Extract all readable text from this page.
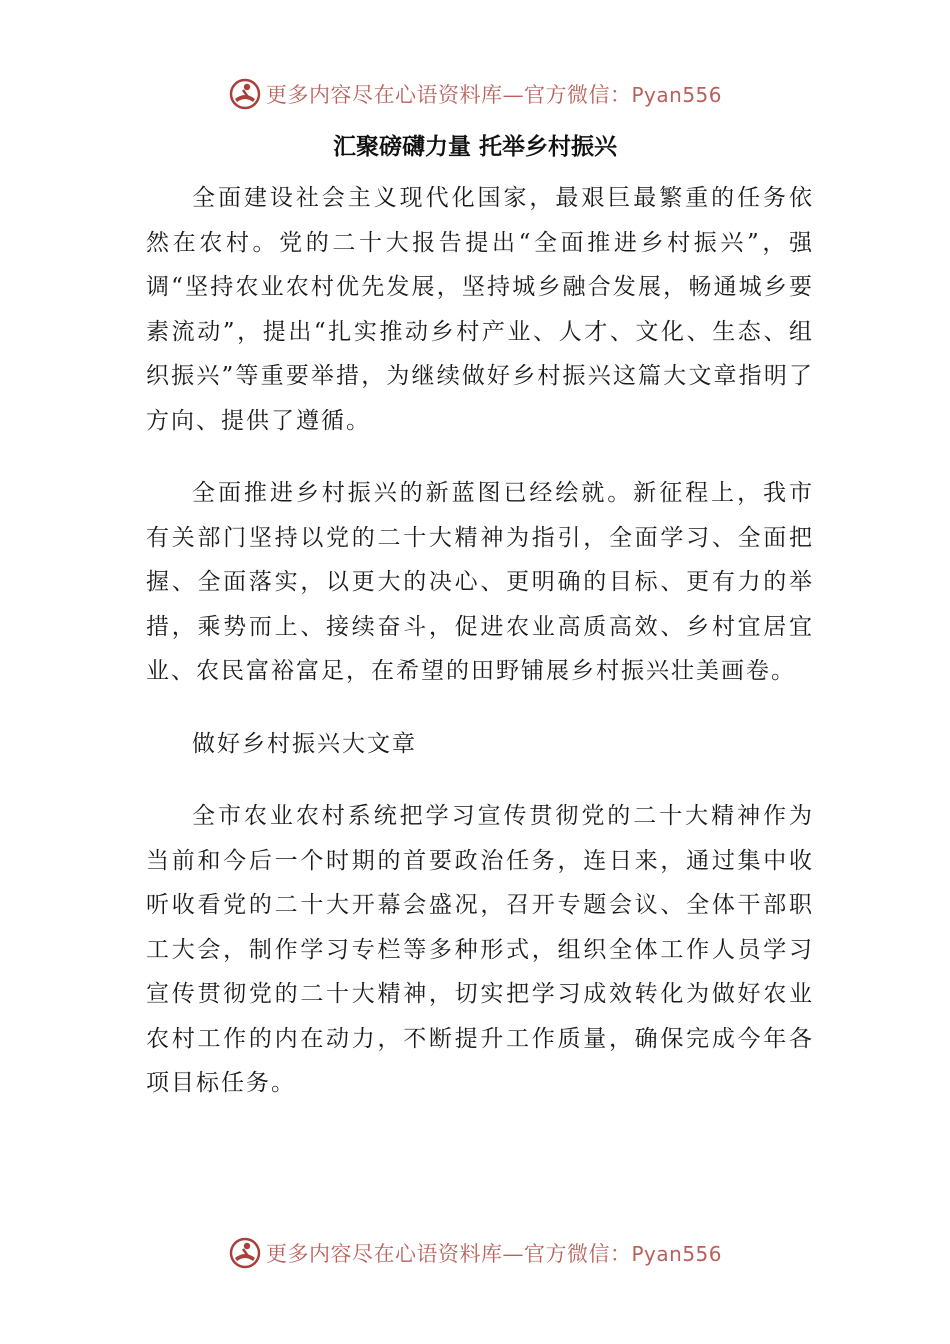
更多内容尽在心语资料库—官方微信：Pyan556
汇聚磅礴力量 托举乡村振兴

全面建设社会主义现代化国家，最艰巨最繁重的任务依然在农村。党的二十大报告提出“全面推进乡村振兴”，强调“坚持农业农村优先发展，坚持城乡融合发展，畅通城乡要素流动”，提出“扎实推动乡村产业、人才、文化、生态、组织振兴”等重要举措，为继续做好乡村振兴这篇大文章指明了方向、提供了遵循。

全面推进乡村振兴的新蓝图已经绘就。新征程上，我市有关部门坚持以党的二十大精神为指引，全面学习、全面把握、全面落实，以更大的决心、更明确的目标、更有力的举措，乘势而上、接续奋斗，促进农业高质高效、乡村宜居宜 业、农民富裕富足，在希望的田野铺展乡村振兴壮美画卷。

做好乡村振兴大文章

全市农业农村系统把学习宣传贯彻党的二十大精神作为当前和今后一个时期的首要政治任务，连日来，通过集中收听收看党的二十大开幕会盛况，召开专题会议、全体干部职工大会，制作学习专栏等多种形式，组织全体工作人员学习宣传贯彻党的二十大精神，切实把学习成效转化为做好农业农村工作的内在动力，不断提升工作质量，确保完成今年各项目标任务。

更多内容尽在心语资料库—官方微信：Pyan556
